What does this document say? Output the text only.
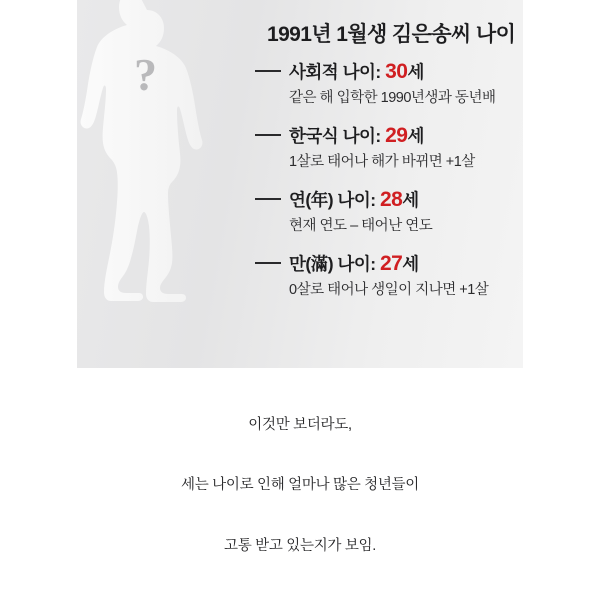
?
1991년 1월생 김은송씨 나이
사회적 나이: 30세
같은 해 입학한 1990년생과 동년배
한국식 나이: 29세
1살로 태어나 해가 바뀌면 +1살
연(年) 나이: 28세
현재 연도 – 태어난 연도
만(滿) 나이: 27세
0살로 태어나 생일이 지나면 +1살
이것만 보더라도,
세는 나이로 인해 얼마나 많은 청년들이
고통 받고 있는지가 보임.
